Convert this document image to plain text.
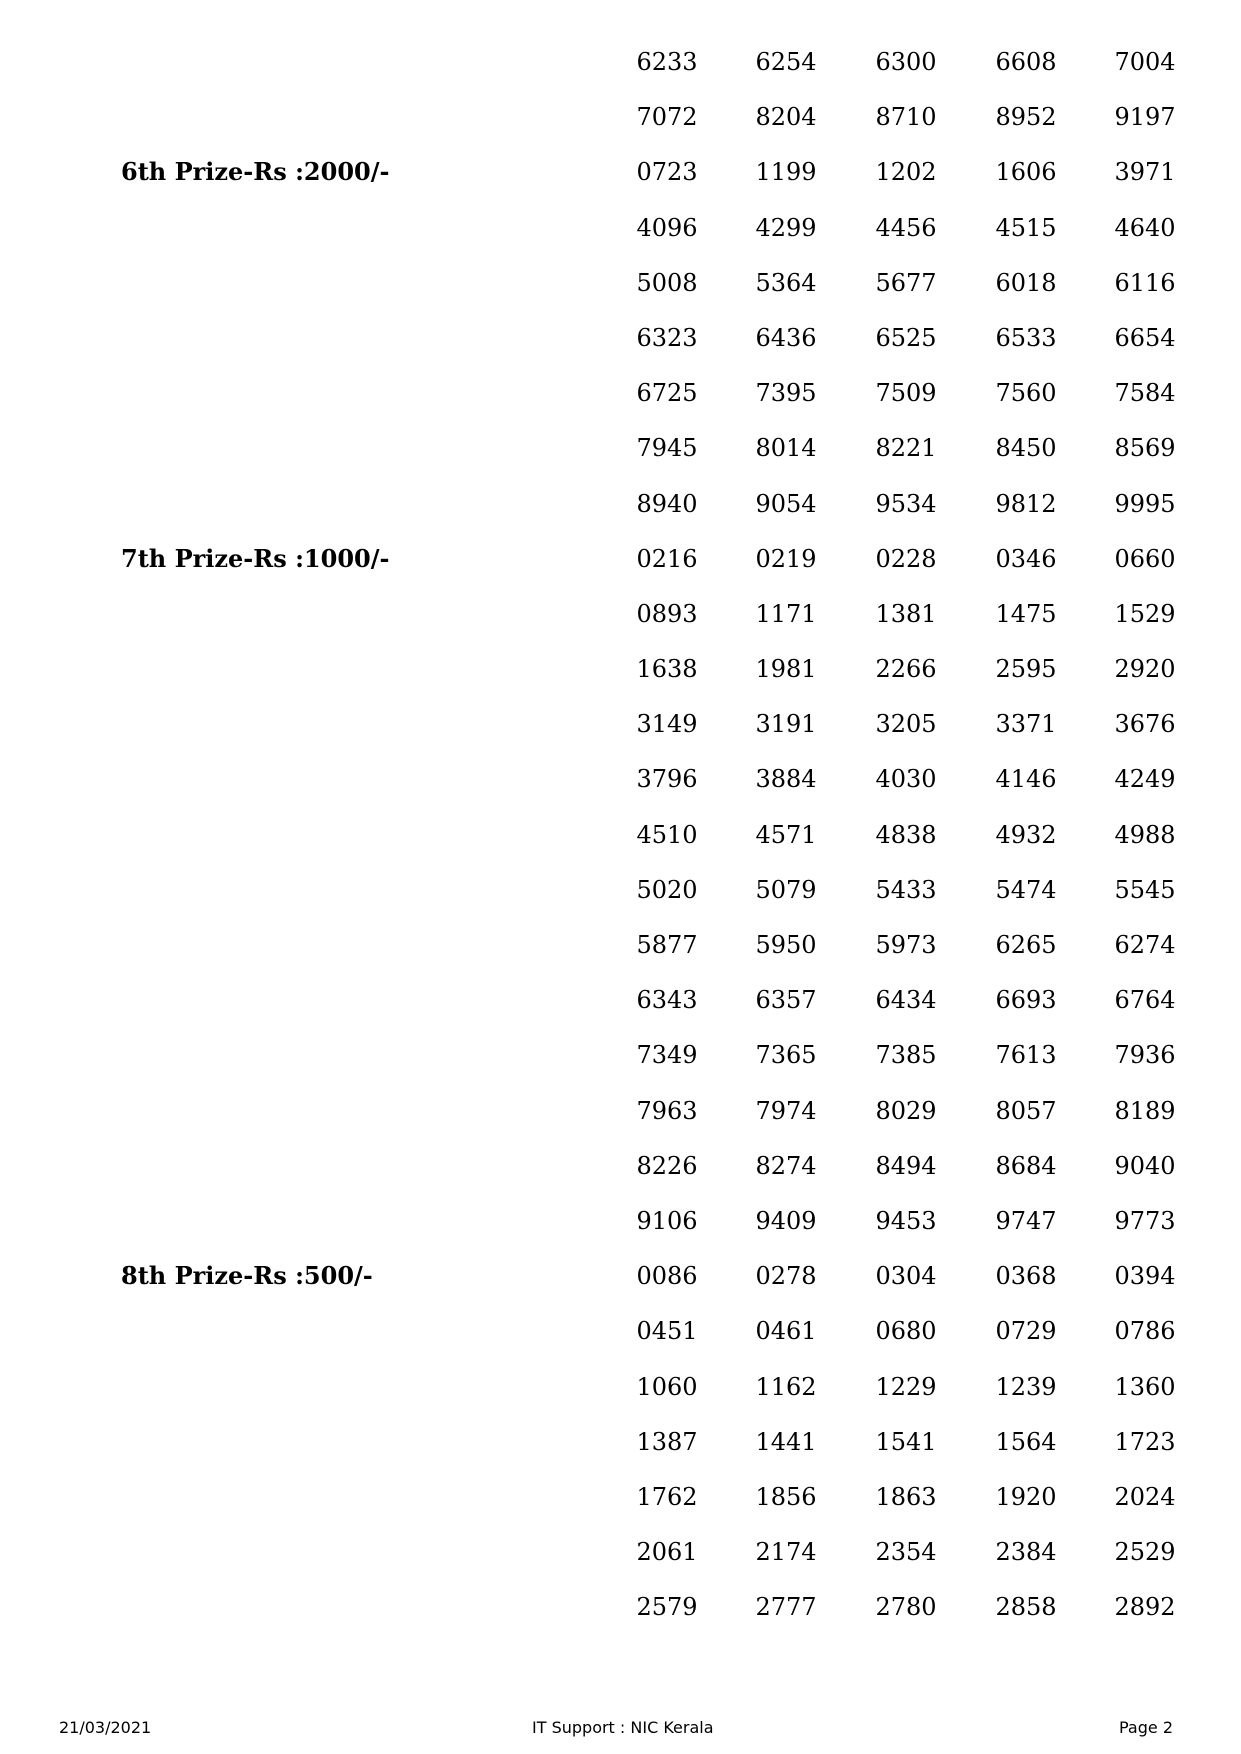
6233	6254	6300	6608	7004
7072	8204	8710	8952	9197
6th Prize-Rs :2000/-	0723	1199	1202	1606	3971
4096	4299	4456	4515	4640
5008	5364	5677	6018	6116
6323	6436	6525	6533	6654
6725	7395	7509	7560	7584
7945	8014	8221	8450	8569
8940	9054	9534	9812	9995
7th Prize-Rs :1000/-	0216	0219	0228	0346	0660
0893	1171	1381	1475	1529
1638	1981	2266	2595	2920
3149	3191	3205	3371	3676
3796	3884	4030	4146	4249
4510	4571	4838	4932	4988
5020	5079	5433	5474	5545
5877	5950	5973	6265	6274
6343	6357	6434	6693	6764
7349	7365	7385	7613	7936
7963	7974	8029	8057	8189
8226	8274	8494	8684	9040
9106	9409	9453	9747	9773
8th Prize-Rs :500/-	0086	0278	0304	0368	0394
0451	0461	0680	0729	0786
1060	1162	1229	1239	1360
1387	1441	1541	1564	1723
1762	1856	1863	1920	2024
2061	2174	2354	2384	2529
2579	2777	2780	2858	2892
21/03/2021	IT Support : NIC Kerala	Page 2
